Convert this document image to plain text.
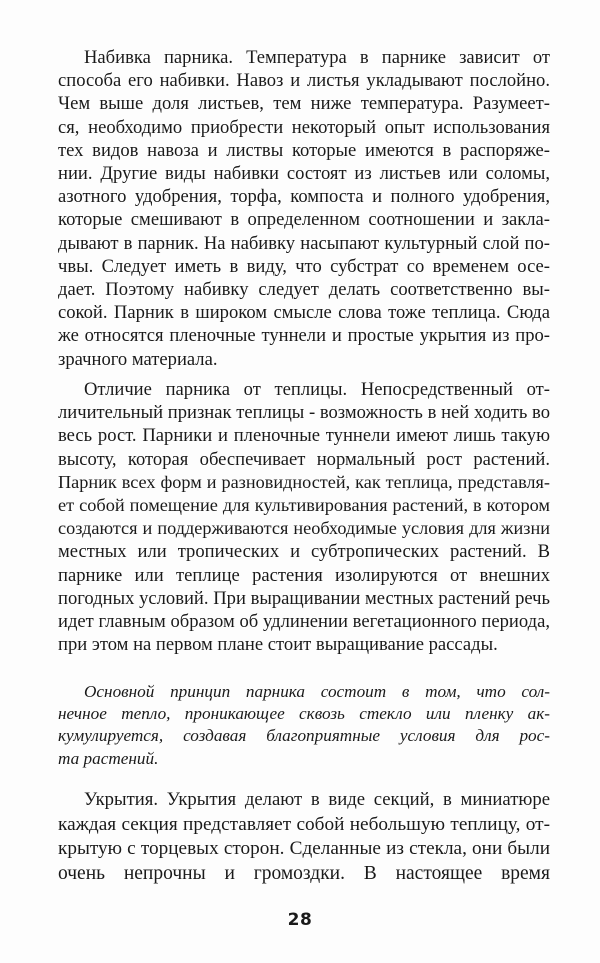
Набивка парника. Температура в парнике зависит от
способа его набивки. Навоз и листья укладывают послойно.
Чем выше доля листьев, тем ниже температура. Разумеет-
ся, необходимо приобрести некоторый опыт использования
тех видов навоза и листвы которые имеются в распоряже-
нии. Другие виды набивки состоят из листьев или соломы,
азотного удобрения, торфа, компоста и полного удобрения,
которые смешивают в определенном соотношении и закла-
дывают в парник. На набивку насыпают культурный слой по-
чвы. Следует иметь в виду, что субстрат со временем осе-
дает. Поэтому набивку следует делать соответственно вы-
сокой. Парник в широком смысле слова тоже теплица. Сюда
же относятся пленочные туннели и простые укрытия из про-
зрачного материала.

Отличие парника от теплицы. Непосредственный от-
личительный признак теплицы - возможность в ней ходить во
весь рост. Парники и пленочные туннели имеют лишь такую
высоту, которая обеспечивает нормальный рост растений.
Парник всех форм и разновидностей, как теплица, представля-
ет собой помещение для культивирования растений, в котором
создаются и поддерживаются необходимые условия для жизни
местных или тропических и субтропических растений. В
парнике или теплице растения изолируются от внешних
погодных условий. При выращивании местных растений речь
идет главным образом об удлинении вегетационного периода,
при этом на первом плане стоит выращивание рассады.

Основной принцип парника состоит в том, что сол-
нечное тепло, проникающее сквозь стекло или пленку ак-
кумулируется, создавая благоприятные условия для рос-
та растений.

Укрытия. Укрытия делают в виде секций, в миниатюре
каждая секция представляет собой небольшую теплицу, от-
крытую с торцевых сторон. Сделанные из стекла, они были
очень непрочны и громоздки. В настоящее время

28
